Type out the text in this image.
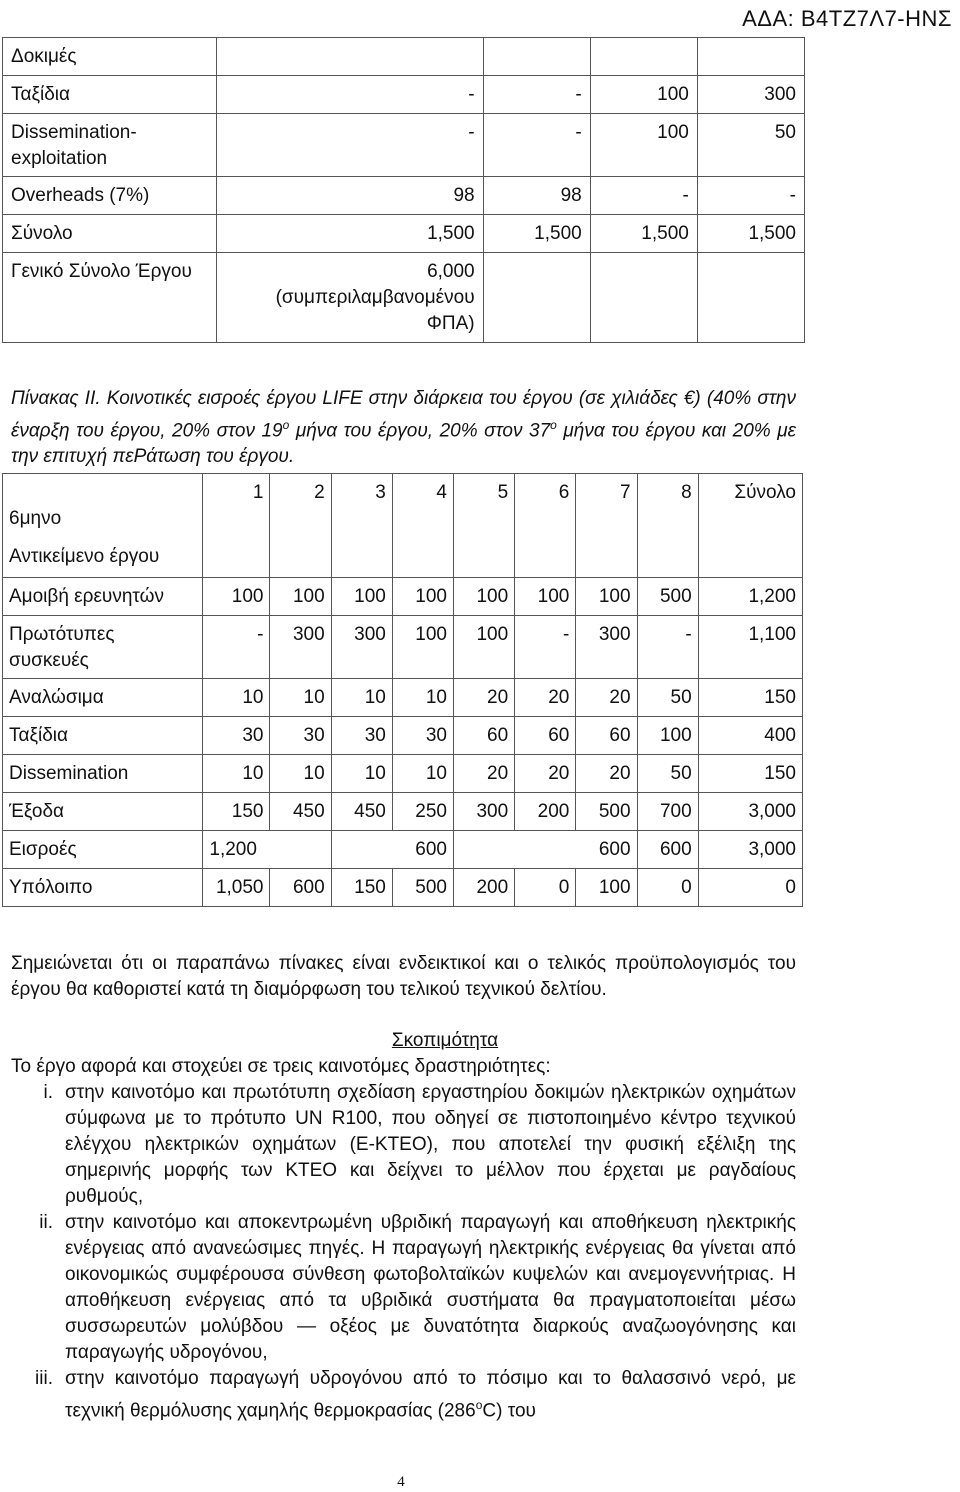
ΑΔΑ: Β4ΤΖ7Λ7-ΗΝΣ
Δοκιμές				
Ταξίδια	-	-	100	300
Dissemination-exploitation	-	-	100	50
Overheads (7%)	98	98	-	-
Σύνολο	1,500	1,500	1,500	1,500
Γενικό Σύνολο Έργου	6,000 (συμπεριλαμβανομένου ΦΠΑ)			
Πίνακας ΙΙ. Κοινοτικές εισροές έργου LIFE στην διάρκεια του έργου (σε χιλιάδες €) (40% στην έναρξη του έργου, 20% στον $19^o$ μήνα του έργου, 20% στον $37^o$ μήνα του έργου και 20% με την επιτυχή πεPάτωση του έργου.
6μηνο
Αντικείμενο έργου	1	2	3	4	5	6	7	8	Σύνολο
Αμοιβή ερευνητών	100	100	100	100	100	100	100	500	1,200
Πρωτότυπες συσκευές	-	300	300	100	100	-	300	-	1,100
Αναλώσιμα	10	10	10	10	20	20	20	50	150
Ταξίδια	30	30	30	30	60	60	60	100	400
Dissemination	10	10	10	10	20	20	20	50	150
Έξοδα	150	450	450	250	300	200	500	700	3,000
Εισροές	1,200		600		600			600	3,000
Υπόλοιπο	1,050	600	150	500	200	0	100	0	0
Σημειώνεται ότι οι παραπάνω πίνακες είναι ενδεικτικοί και ο τελικός προϋπολογισμός του έργου θα καθοριστεί κατά τη διαμόρφωση του τελικού τεχνικού δελτίου.
Σκοπιμότητα
Το έργο αφορά και στοχεύει σε τρεις καινοτόμες δραστηριότητες:
i. στην καινοτόμο και πρωτότυπη σχεδίαση εργαστηρίου δοκιμών ηλεκτρικών οχημάτων σύμφωνα με το πρότυπο UN R100, που οδηγεί σε πιστοποιημένο κέντρο τεχνικού ελέγχου ηλεκτρικών οχημάτων (Ε-ΚΤΕΟ), που αποτελεί την φυσική εξέλιξη της σημερινής μορφής των ΚΤΕΟ και δείχνει το μέλλον που έρχεται με ραγδαίους ρυθμούς,
ii. στην καινοτόμο και αποκεντρωμένη υβριδική παραγωγή και αποθήκευση ηλεκτρικής ενέργειας από ανανεώσιμες πηγές. Η παραγωγή ηλεκτρικής ενέργειας θα γίνεται από οικονομικώς συμφέρουσα σύνθεση φωτοβολταϊκών κυψελών και ανεμογεννήτριας. Η αποθήκευση ενέργειας από τα υβριδικά συστήματα θα πραγματοποιείται μέσω συσσωρευτών μολύβδου — οξέος με δυνατότητα διαρκούς αναζωογόνησης και παραγωγής υδρογόνου,
iii. στην καινοτόμο παραγωγή υδρογόνου από το πόσιμο και το θαλασσινό νερό, με τεχνική θερμόλυσης χαμηλής θερμοκρασίας $(286^oC)$ του
4
